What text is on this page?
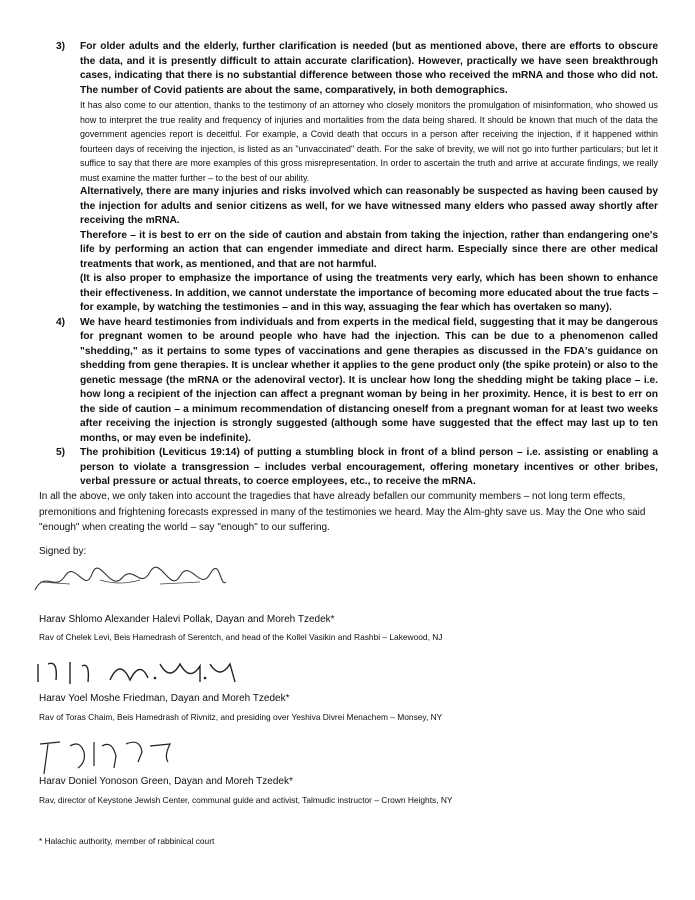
3) For older adults and the elderly, further clarification is needed (but as mentioned above, there are efforts to obscure the data, and it is presently difficult to attain accurate clarification). However, practically we have seen breakthrough cases, indicating that there is no substantial difference between those who received the mRNA and those who did not. The number of Covid patients are about the same, comparatively, in both demographics.

It has also come to our attention, thanks to the testimony of an attorney who closely monitors the promulgation of misinformation, who showed us how to interpret the true reality and frequency of injuries and mortalities from the data being shared. It should be known that much of the data the government agencies report is deceitful. For example, a Covid death that occurs in a person after receiving the injection, if it happened within fourteen days of receiving the injection, is listed as an "unvaccinated" death. For the sake of brevity, we will not go into further particulars; but let it suffice to say that there are more examples of this gross misrepresentation. In order to ascertain the truth and arrive at accurate findings, we really must examine the matter further – to the best of our ability.

Alternatively, there are many injuries and risks involved which can reasonably be suspected as having been caused by the injection for adults and senior citizens as well, for we have witnessed many elders who passed away shortly after receiving the mRNA.

Therefore – it is best to err on the side of caution and abstain from taking the injection, rather than endangering one's life by performing an action that can engender immediate and direct harm. Especially since there are other medical treatments that work, as mentioned, and that are not harmful.

(It is also proper to emphasize the importance of using the treatments very early, which has been shown to enhance their effectiveness. In addition, we cannot understate the importance of becoming more educated about the true facts – for example, by watching the testimonies – and in this way, assuaging the fear which has overtaken so many).

4) We have heard testimonies from individuals and from experts in the medical field, suggesting that it may be dangerous for pregnant women to be around people who have had the injection. This can be due to a phenomenon called "shedding," as it pertains to some types of vaccinations and gene therapies as discussed in the FDA's guidance on shedding from gene therapies. It is unclear whether it applies to the gene product only (the spike protein) or also to the genetic message (the mRNA or the adenoviral vector). It is unclear how long the shedding might be taking place – i.e. how long a recipient of the injection can affect a pregnant woman by being in her proximity. Hence, it is best to err on the side of caution – a minimum recommendation of distancing oneself from a pregnant woman for at least two weeks after receiving the injection is strongly suggested (although some have suggested that the effect may last up to ten months, or may even be indefinite).

5) The prohibition (Leviticus 19:14) of putting a stumbling block in front of a blind person – i.e. assisting or enabling a person to violate a transgression – includes verbal encouragement, offering monetary incentives or other bribes, verbal pressure or actual threats, to coerce employees, etc., to receive the mRNA.

In all the above, we only taken into account the tragedies that have already befallen our community members – not long term effects, premonitions and frightening forecasts expressed in many of the testimonies we heard. May the Alm-ghty save us. May the One who said "enough" when creating the world – say "enough" to our suffering.

Signed by:
Harav Shlomo Alexander Halevi Pollak, Dayan and Moreh Tzedek*
Rav of Chelek Levi, Beis Hamedrash of Serentch, and head of the Kollel Vasikin and Rashbi – Lakewood, NJ
Harav Yoel Moshe Friedman, Dayan and Moreh Tzedek*
Rav of Toras Chaim, Beis Hamedrash of Rivnitz, and presiding over Yeshiva Divrei Menachem – Monsey, NY
Harav Doniel Yonoson Green, Dayan and Moreh Tzedek*
Rav, director of Keystone Jewish Center, communal guide and activist, Talmudic instructor – Crown Heights, NY
* Halachic authority, member of rabbinical court
